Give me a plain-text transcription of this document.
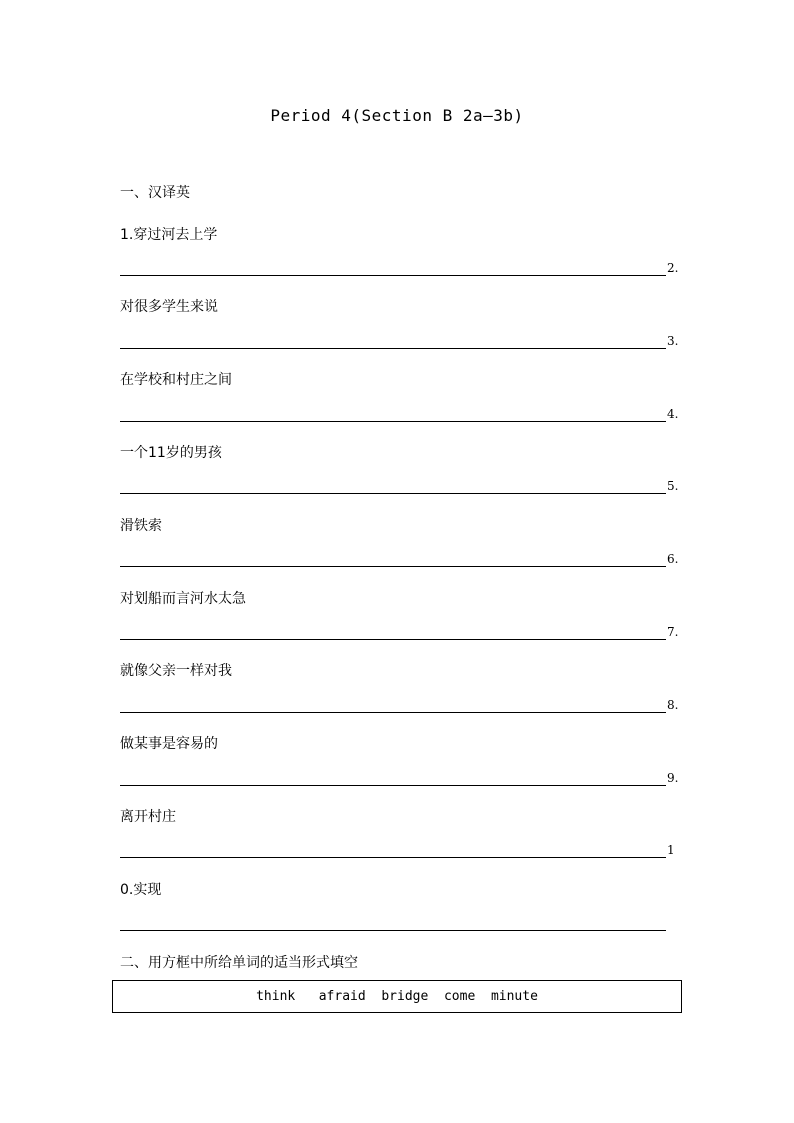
Period 4(Section B 2a—3b)
一、汉译英
1.穿过河去上学
2.
对很多学生来说
3.
在学校和村庄之间
4.
一个11岁的男孩
5.
滑铁索
6.
对划船而言河水太急
7.
就像父亲一样对我
8.
做某事是容易的
9.
离开村庄
1
0.实现
二、用方框中所给单词的适当形式填空
think
afraid
bridge
come
minute
